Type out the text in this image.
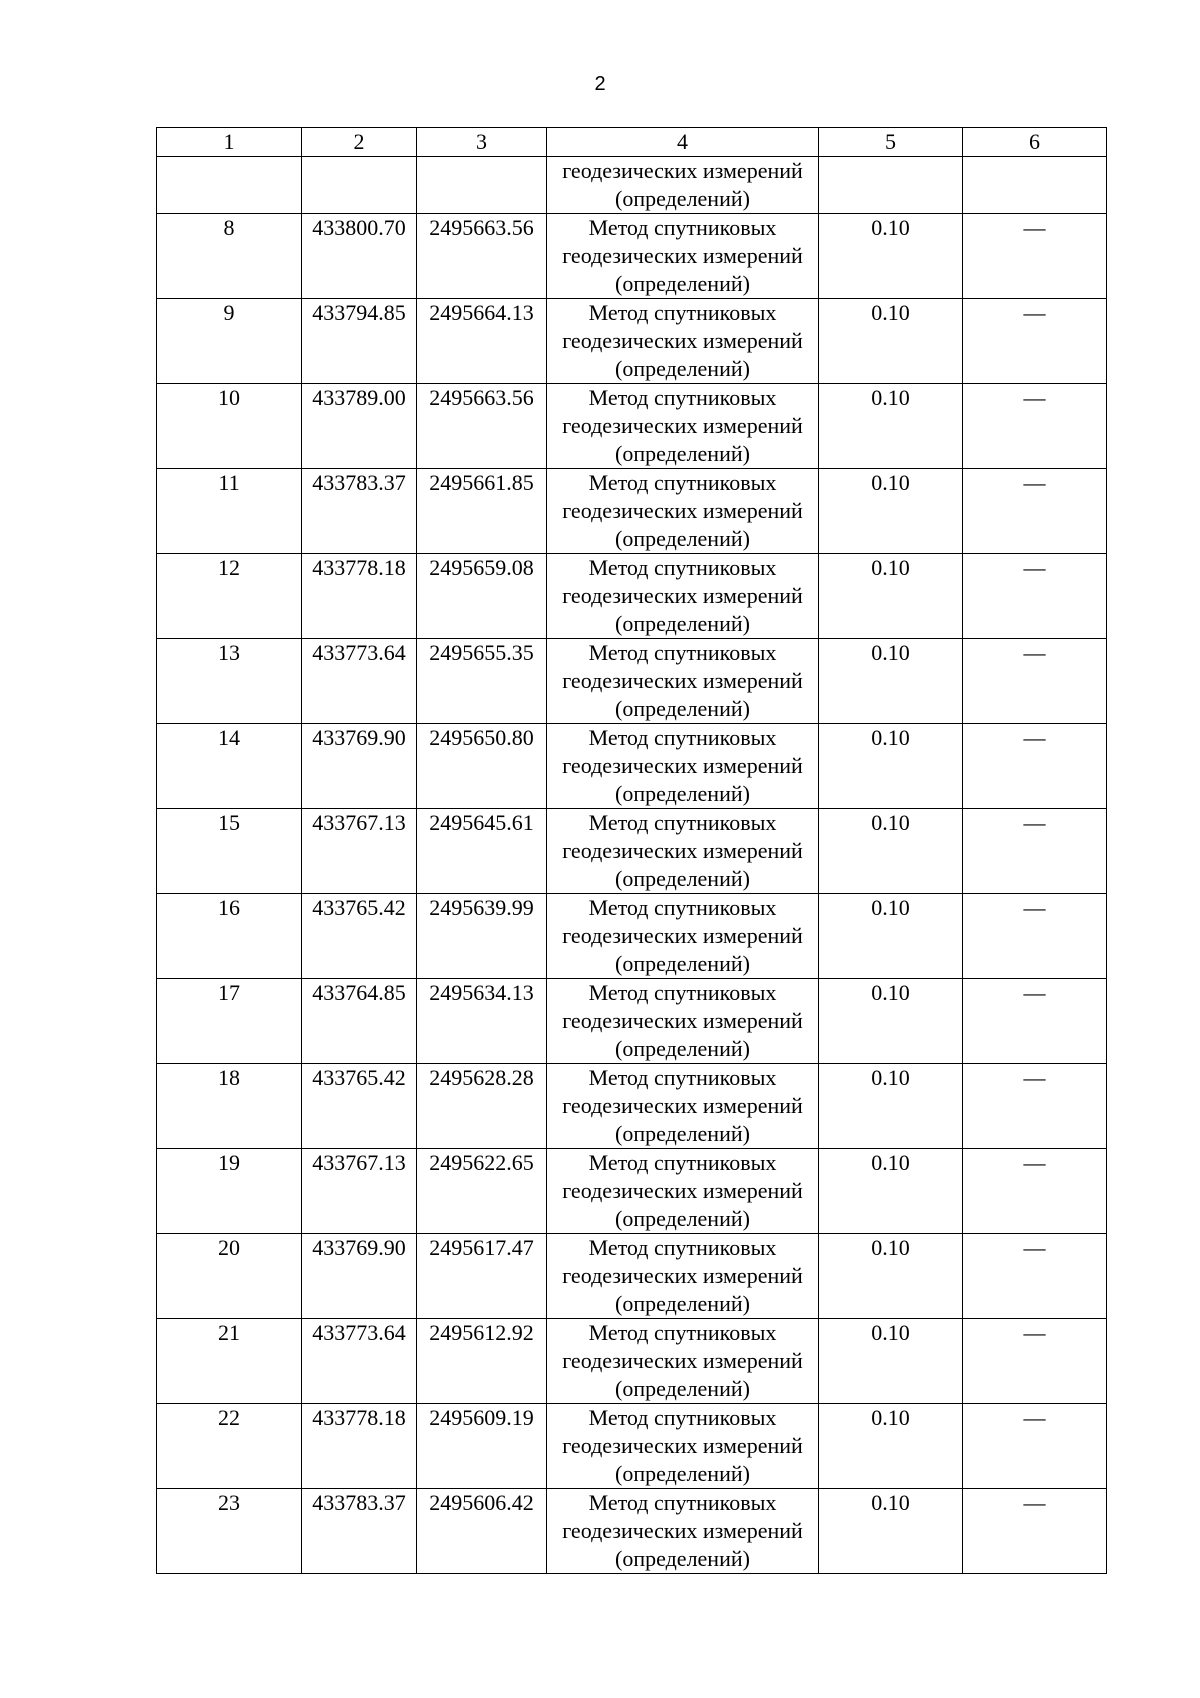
2
1	2	3	4	5	6

			геодезических измерений
(определений)		

8	433800.70	2495663.56	Метод спутниковых геодезических измерений (определений)	0.10	—
9	433794.85	2495664.13	Метод спутниковых геодезических измерений (определений)	0.10	—
10	433789.00	2495663.56	Метод спутниковых геодезических измерений (определений)	0.10	—
11	433783.37	2495661.85	Метод спутниковых геодезических измерений (определений)	0.10	—
12	433778.18	2495659.08	Метод спутниковых геодезических измерений (определений)	0.10	—
13	433773.64	2495655.35	Метод спутниковых геодезических измерений (определений)	0.10	—
14	433769.90	2495650.80	Метод спутниковых геодезических измерений (определений)	0.10	—
15	433767.13	2495645.61	Метод спутниковых геодезических измерений (определений)	0.10	—
16	433765.42	2495639.99	Метод спутниковых геодезических измерений (определений)	0.10	—
17	433764.85	2495634.13	Метод спутниковых геодезических измерений (определений)	0.10	—
18	433765.42	2495628.28	Метод спутниковых геодезических измерений (определений)	0.10	—
19	433767.13	2495622.65	Метод спутниковых геодезических измерений (определений)	0.10	—
20	433769.90	2495617.47	Метод спутниковых геодезических измерений (определений)	0.10	—
21	433773.64	2495612.92	Метод спутниковых геодезических измерений (определений)	0.10	—
22	433778.18	2495609.19	Метод спутниковых геодезических измерений (определений)	0.10	—
23	433783.37	2495606.42	Метод спутниковых геодезических измерений (определений)	0.10	—
